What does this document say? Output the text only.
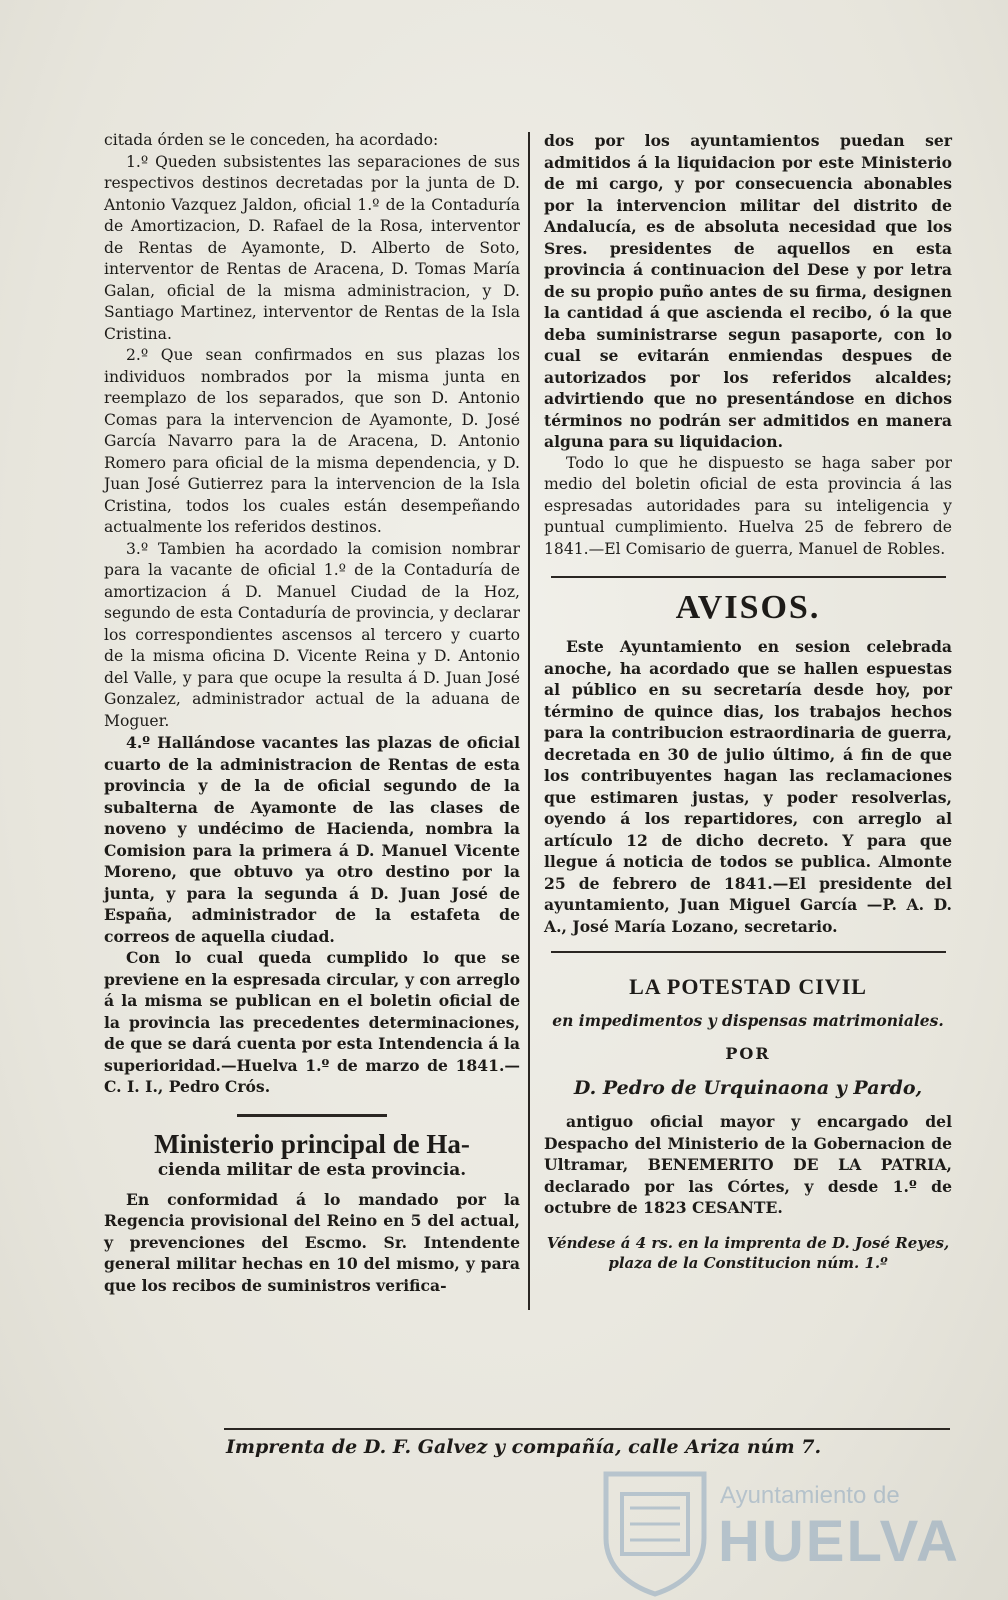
citada órden se le conceden, ha acordado:

1.º Queden subsistentes las separaciones de sus respectivos destinos decretadas por la junta de D. Antonio Vazquez Jaldon, oficial 1.º de la Contaduría de Amortizacion, D. Rafael de la Rosa, interventor de Rentas de Ayamonte, D. Alberto de Soto, interventor de Rentas de Aracena, D. Tomas María Galan, oficial de la misma administracion, y D. Santiago Martinez, interventor de Rentas de la Isla Cristina.

2.º Que sean confirmados en sus plazas los individuos nombrados por la misma junta en reemplazo de los separados, que son D. Antonio Comas para la intervencion de Ayamonte, D. José García Navarro para la de Aracena, D. Antonio Romero para oficial de la misma dependencia, y D. Juan José Gutierrez para la intervencion de la Isla Cristina, todos los cuales están desempeñando actualmente los referidos destinos.

3.º Tambien ha acordado la comision nombrar para la vacante de oficial 1.º de la Contaduría de amortizacion á D. Manuel Ciudad de la Hoz, segundo de esta Contaduría de provincia, y declarar los correspondientes ascensos al tercero y cuarto de la misma oficina D. Vicente Reina y D. Antonio del Valle, y para que ocupe la resulta á D. Juan José Gonzalez, administrador actual de la aduana de Moguer.

4.º Hallándose vacantes las plazas de oficial cuarto de la administracion de Rentas de esta provincia y de la de oficial segundo de la subalterna de Ayamonte de las clases de noveno y undécimo de Hacienda, nombra la Comision para la primera á D. Manuel Vicente Moreno, que obtuvo ya otro destino por la junta, y para la segunda á D. Juan José de España, administrador de la estafeta de correos de aquella ciudad.

Con lo cual queda cumplido lo que se previene en la espresada circular, y con arreglo á la misma se publican en el boletin oficial de la provincia las precedentes determinaciones, de que se dará cuenta por esta Intendencia á la superioridad.—Huelva 1.º de marzo de 1841.—C. I. I., Pedro Crós.

Ministerio principal de Ha-
cienda militar de esta provincia.

En conformidad á lo mandado por la Regencia provisional del Reino en 5 del actual, y prevenciones del Escmo. Sr. Intendente general militar hechas en 10 del mismo, y para que los recibos de suministros verifica-

dos por los ayuntamientos puedan ser admitidos á la liquidacion por este Ministerio de mi cargo, y por consecuencia abonables por la intervencion militar del distrito de Andalucía, es de absoluta necesidad que los Sres. presidentes de aquellos en esta provincia á continuacion del Dese y por letra de su propio puño antes de su firma, designen la cantidad á que ascienda el recibo, ó la que deba suministrarse segun pasaporte, con lo cual se evitarán enmiendas despues de autorizados por los referidos alcaldes; advirtiendo que no presentándose en dichos términos no podrán ser admitidos en manera alguna para su liquidacion.

Todo lo que he dispuesto se haga saber por medio del boletin oficial de esta provincia á las espresadas autoridades para su inteligencia y puntual cumplimiento. Huelva 25 de febrero de 1841.—El Comisario de guerra, Manuel de Robles.

AVISOS.

Este Ayuntamiento en sesion celebrada anoche, ha acordado que se hallen espuestas al público en su secretaría desde hoy, por término de quince dias, los trabajos hechos para la contribucion estraordinaria de guerra, decretada en 30 de julio último, á fin de que los contribuyentes hagan las reclamaciones que estimaren justas, y poder resolverlas, oyendo á los repartidores, con arreglo al artículo 12 de dicho decreto. Y para que llegue á noticia de todos se publica. Almonte 25 de febrero de 1841.—El presidente del ayuntamiento, Juan Miguel García —P. A. D. A., José María Lozano, secretario.

LA POTESTAD CIVIL
en impedimentos y dispensas matrimoniales.
POR
D. Pedro de Urquinaona y Pardo,

antiguo oficial mayor y encargado del Despacho del Ministerio de la Gobernacion de Ultramar, BENEMERITO DE LA PATRIA, declarado por las Córtes, y desde 1.º de octubre de 1823 CESANTE.

Véndese á 4 rs. en la imprenta de D. José Reyes, plaza de la Constitucion núm. 1.º
Imprenta de D. F. Galvez y compañía, calle Ariza núm 7.
Ayuntamiento de
HUELVA
